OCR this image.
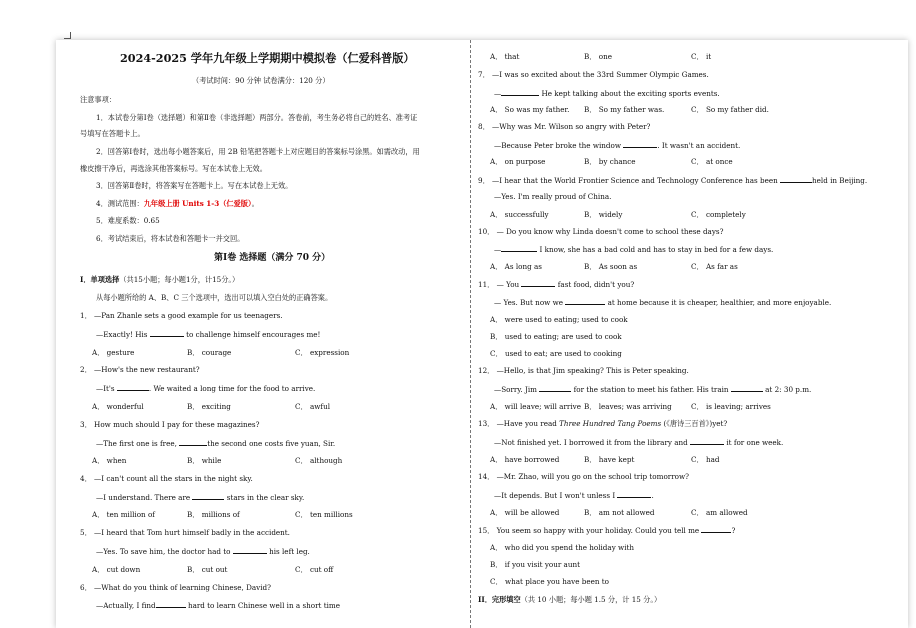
2024-2025 学年九年级上学期期中模拟卷（仁爱科普版）
（考试时间：90 分钟 试卷满分：120 分）
注意事项：
1．本试卷分第Ⅰ卷（选择题）和第Ⅱ卷（非选择题）两部分。答卷前，考生务必将自己的姓名、准考证
号填写在答题卡上。
2．回答第Ⅰ卷时，选出每小题答案后，用 2B 铅笔把答题卡上对应题目的答案标号涂黑。如需改动，用
橡皮擦干净后，再选涂其他答案标号。写在本试卷上无效。
3．回答第Ⅱ卷时，将答案写在答题卡上。写在本试卷上无效。
4．测试范围：九年级上册 Units 1-3（仁爱版）。
5．难度系数：0.65
6．考试结束后，将本试卷和答题卡一并交回。
第Ⅰ卷 选择题（满分 70 分）
I．单项选择（共15小题；每小题1分，计15分。）
从每小题所给的 A、B、C 三个选项中，选出可以填入空白处的正确答案。
1． —Pan Zhanle sets a good example for us teenagers.
—Exactly! His	to challenge himself encourages me!
A． gesture	B． courage	C． expression
2． —How's the new restaurant?
—It's	. We waited a long time for the food to arrive.
A． wonderful	B． exciting	C． awful
3． How much should I pay for these magazines?
—The first one is free,	the second one costs five yuan, Sir.
A． when	B． while	C． although
4． —I can't count all the stars in the night sky.
—I understand. There are	stars in the clear sky.
A． ten million of	B． millions of	C． ten millions
5． —I heard that Tom hurt himself badly in the accident.
—Yes. To save him, the doctor had to	his left leg.
A． cut down	B． cut out	C． cut off
6． —What do you think of learning Chinese, David?
—Actually, I find	hard to learn Chinese well in a short time
A． that	B． one	C． it
7． —I was so excited about the 33rd Summer Olympic Games.
—	He kept talking about the exciting sports events.
A． So was my father. B． So my father was.	C． So my father did.
8． —Why was Mr. Wilson so angry with Peter?
—Because Peter broke the window	. It wasn't an accident.
A． on purpose	B． by chance	C． at once
9． —I hear that the World Frontier Science and Technology Conference has been	held in Beijing.
—Yes. I'm really proud of China.
A． successfully	B． widely	C． completely
10． — Do you know why Linda doesn't come to school these days?
—	I know, she has a bad cold and has to stay in bed for a few days.
A． As long as	B． As soon as	C． As far as
11． — You	fast food, didn't you?
— Yes. But now we	at home because it is cheaper, healthier, and more enjoyable.
A． were used to eating; used to cook
B． used to eating; are used to cook
C． used to eat; are used to cooking
12． —Hello, is that Jim speaking? This is Peter speaking.
—Sorry. Jim	for the station to meet his father. His train	at 2: 30 p.m.
A． will leave; will arrive B． leaves; was arriving	C． is leaving; arrives
13． —Have you read Three Hundred Tang Poems (《唐诗三百首》)yet?
—Not finished yet. I borrowed it from the library and	it for one week.
A． have borrowed	B． have kept	C． had
14． —Mr. Zhao, will you go on the school trip tomorrow?
—It depends. But I won't unless I	.
A． will be allowed	B． am not allowed	C． am allowed
15． You seem so happy with your holiday. Could you tell me	?
A． who did you spend the holiday with
B． if you visit your aunt
C． what place you have been to
II．完形填空（共 10 小题；每小题 1.5 分，计 15 分。）
